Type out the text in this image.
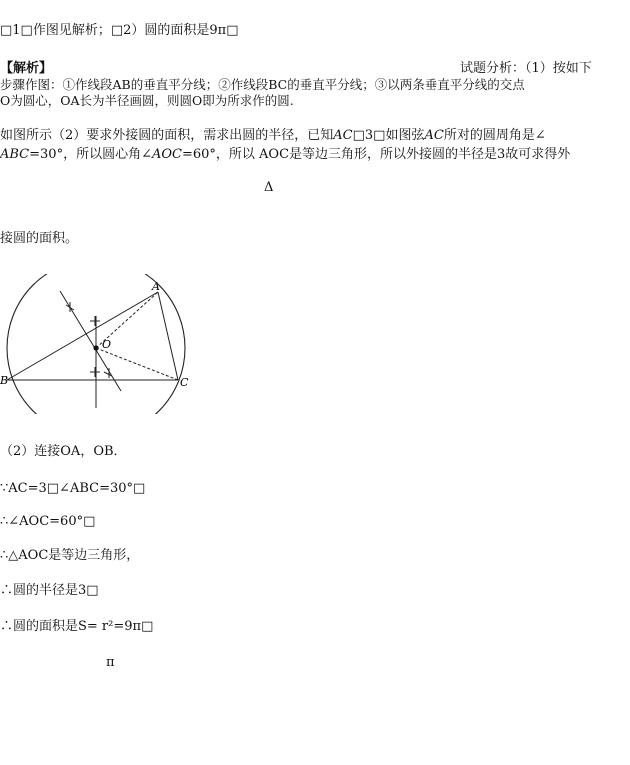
□1□作图见解析；□2）圆的面积是9π□
【解析】	试题分析：（1）按如下
步骤作图：①作线段AB的垂直平分线；②作线段BC的垂直平分线；③以两条垂直平分线的交点
O为圆心，OA长为半径画圆，则圆O即为所求作的圆.
如图所示（2）要求外接圆的面积，需求出圆的半径，已知AC□3□如图弦AC所对的圆周角是∠
ABC=30°，所以圆心角∠AOC=60°，所以 AOC是等边三角形，所以外接圆的半径是3故可求得外
Δ
接圆的面积。
A
B	C
O
（2）连接OA，OB．
∵AC=3□∠ABC=30°□
∴∠AOC=60°□
∴△AOC是等边三角形，
∴圆的半径是3□
∴圆的面积是S= r²=9π□
π
